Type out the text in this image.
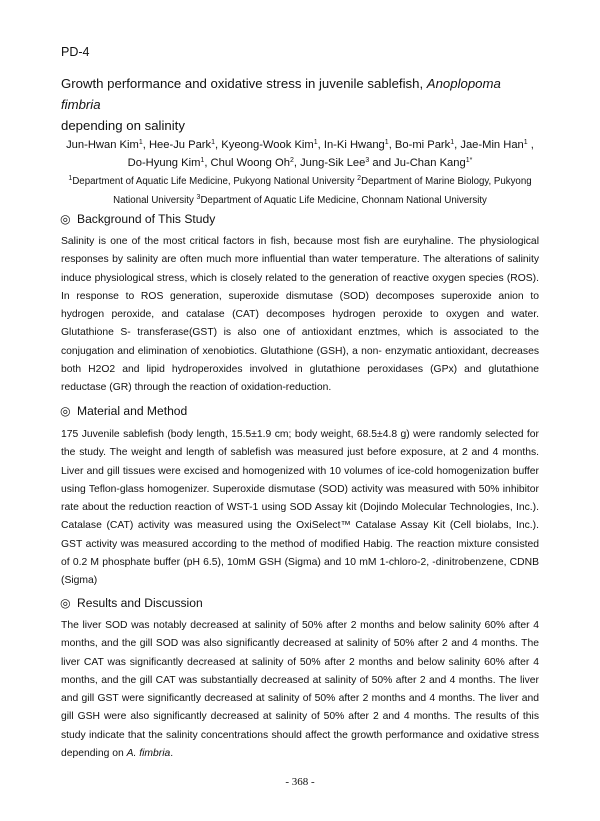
PD-4
Growth performance and oxidative stress in juvenile sablefish, Anoplopoma fimbria
depending on salinity
Jun-Hwan Kim$^1$, Hee-Ju Park$^1$, Kyeong-Wook Kim$^1$, In-Ki Hwang$^1$, Bo-mi Park$^1$, Jae-Min Han$^1$ ,
Do-Hyung Kim$^1$, Chul Woong Oh$^2$, Jung-Sik Lee$^3$ and Ju-Chan Kang$^{1*}$
$^1$Department of Aquatic Life Medicine, Pukyong National University $^2$Department of Marine Biology, Pukyong National University $^3$Department of Aquatic Life Medicine, Chonnam National University
◎ Background of This Study
Salinity is one of the most critical factors in fish, because most fish are euryhaline. The physiological responses by salinity are often much more influential than water temperature. The alterations of salinity induce physiological stress, which is closely related to the generation of reactive oxygen species (ROS). In response to ROS generation, superoxide dismutase (SOD) decomposes superoxide anion to hydrogen peroxide, and catalase (CAT) decomposes hydrogen peroxide to oxygen and water. Glutathione S- transferase(GST) is also one of antioxidant enztmes, which is associated to the conjugation and elimination of xenobiotics. Glutathione (GSH), a non- enzymatic antioxidant, decreases both H2O2 and lipid hydroperoxides involved in glutathione peroxidases (GPx) and glutathione reductase (GR) through the reaction of oxidation-reduction.
◎ Material and Method
175 Juvenile sablefish (body length, 15.5±1.9 cm; body weight, 68.5±4.8 g) were randomly selected for the study. The weight and length of sablefish was measured just before exposure, at 2 and 4 months. Liver and gill tissues were excised and homogenized with 10 volumes of ice-cold homogenization buffer using Teflon-glass homogenizer. Superoxide dismutase (SOD) activity was measured with 50% inhibitor rate about the reduction reaction of WST-1 using SOD Assay kit (Dojindo Molecular Technologies, Inc.). Catalase (CAT) activity was measured using the OxiSelect™ Catalase Assay Kit (Cell biolabs, Inc.). GST activity was measured according to the method of modified Habig. The reaction mixture consisted of 0.2 M phosphate buffer (pH 6.5), 10mM GSH (Sigma) and 10 mM 1-chloro-2, -dinitrobenzene, CDNB (Sigma)
◎ Results and Discussion
The liver SOD was notably decreased at salinity of 50% after 2 months and below salinity 60% after 4 months, and the gill SOD was also significantly decreased at salinity of 50% after 2 and 4 months. The liver CAT was significantly decreased at salinity of 50% after 2 months and below salinity 60% after 4 months, and the gill CAT was substantially decreased at salinity of 50% after 2 and 4 months. The liver and gill GST were significantly decreased at salinity of 50% after 2 months and 4 months. The liver and gill GSH were also significantly decreased at salinity of 50% after 2 and 4 months. The results of this study indicate that the salinity concentrations should affect the growth performance and oxidative stress depending on A. fimbria.
- 368 -
